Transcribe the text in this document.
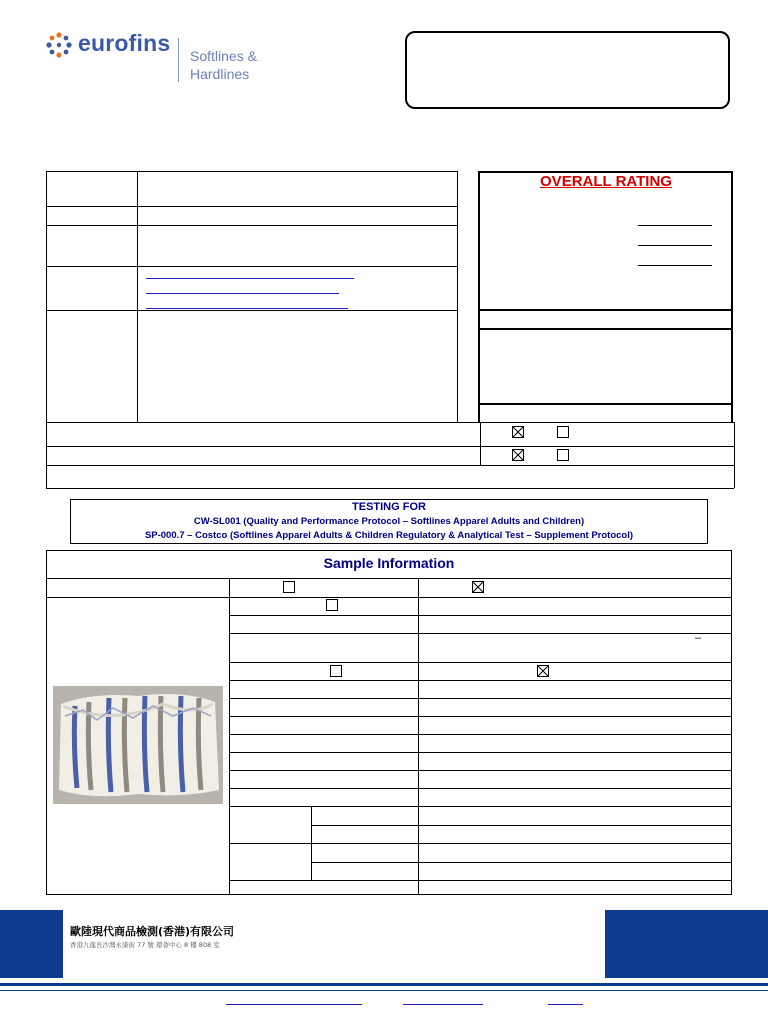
eurofins Softlines &
Hardlines
OVERALL RATING
TESTING FOR
CW-SL001 (Quality and Performance Protocol – Softlines Apparel Adults and Children)
SP-000.7 – Costco (Softlines Apparel Adults & Children Regulatory & Analytical Test – Supplement Protocol)
Sample Information
–
歐陸現代商品檢測(香港)有限公司
香港九龍長沙灣永康街 77 號 環薈中心 8 樓 808 室
